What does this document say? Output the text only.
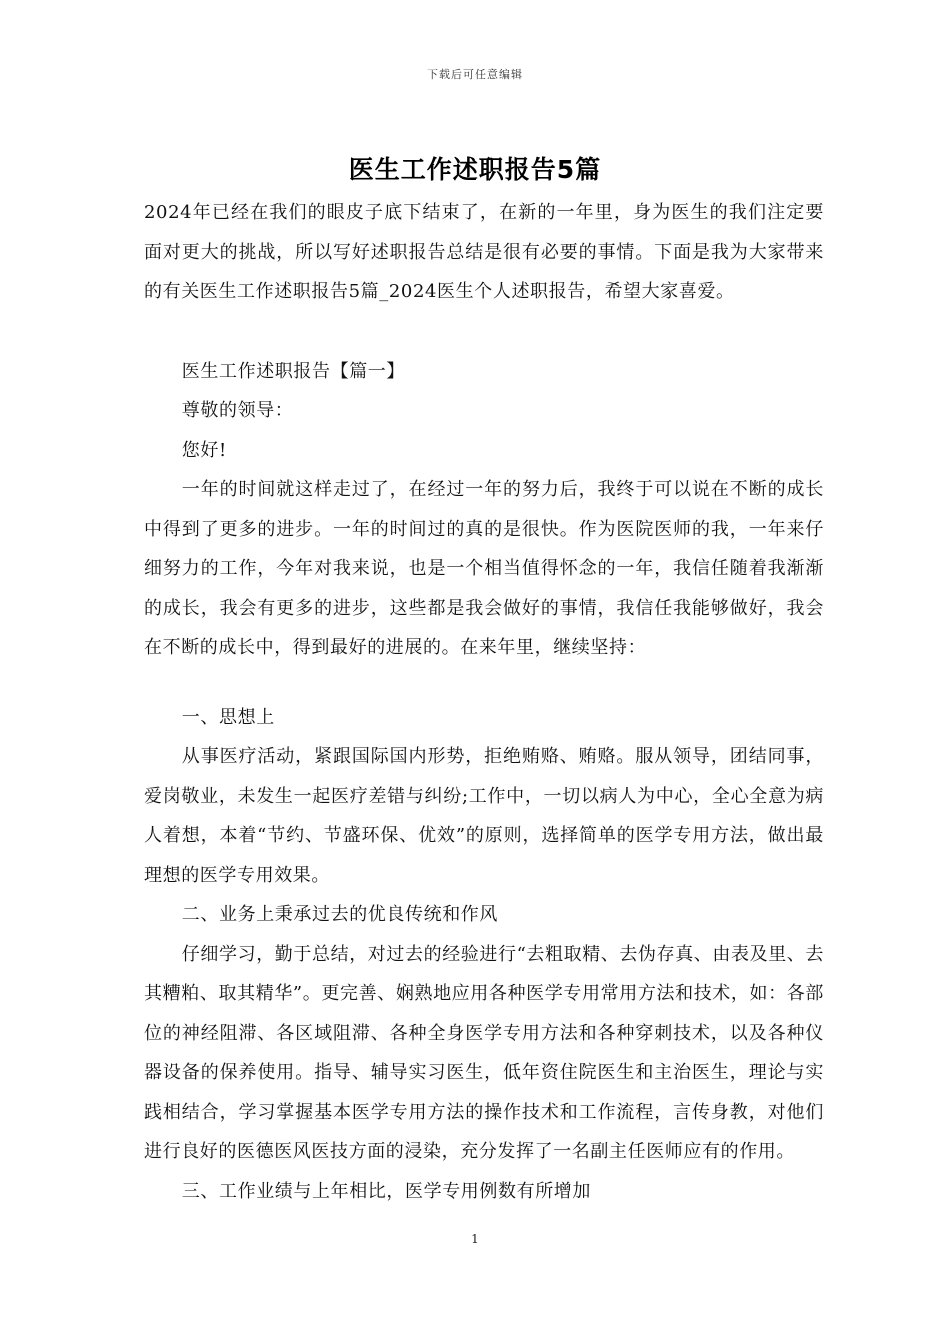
下载后可任意编辑
医生工作述职报告5篇

2024年已经在我们的眼皮子底下结束了，在新的一年里，身为医生的我们注定要面对更大的挑战，所以写好述职报告总结是很有必要的事情。下面是我为大家带来的有关医生工作述职报告5篇_2024医生个人述职报告，希望大家喜爱。

医生工作述职报告【篇一】

尊敬的领导：

您好!

一年的时间就这样走过了，在经过一年的努力后，我终于可以说在不断的成长中得到了更多的进步。一年的时间过的真的是很快。作为医院医师的我，一年来仔细努力的工作，今年对我来说，也是一个相当值得怀念的一年，我信任随着我渐渐的成长，我会有更多的进步，这些都是我会做好的事情，我信任我能够做好，我会在不断的成长中，得到最好的进展的。在来年里，继续坚持：

一、思想上

从事医疗活动，紧跟国际国内形势，拒绝贿赂、贿赂。服从领导，团结同事，爱岗敬业，未发生一起医疗差错与纠纷;工作中，一切以病人为中心，全心全意为病人着想，本着“节约、节盛环保、优效”的原则，选择简单的医学专用方法，做出最理想的医学专用效果。

二、业务上秉承过去的优良传统和作风

仔细学习，勤于总结，对过去的经验进行“去粗取精、去伪存真、由表及里、去其糟粕、取其精华”。更完善、娴熟地应用各种医学专用常用方法和技术，如：各部位的神经阻滞、各区域阻滞、各种全身医学专用方法和各种穿刺技术，以及各种仪器设备的保养使用。指导、辅导实习医生，低年资住院医生和主治医生，理论与实践相结合，学习掌握基本医学专用方法的操作技术和工作流程，言传身教，对他们进行良好的医德医风医技方面的浸染，充分发挥了一名副主任医师应有的作用。

三、工作业绩与上年相比，医学专用例数有所增加

1
